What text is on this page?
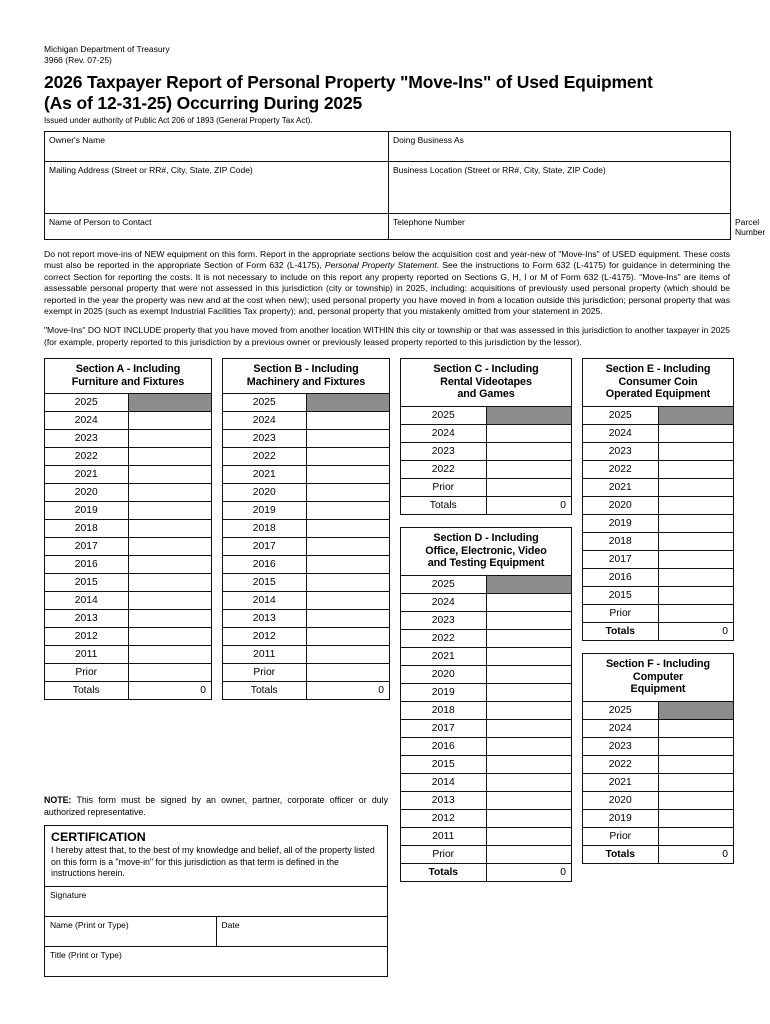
Michigan Department of Treasury
3966 (Rev. 07-25)
2026 Taxpayer Report of Personal Property "Move-Ins" of Used Equipment
(As of 12-31-25) Occurring During 2025
Issued under authority of Public Act 206 of 1893 (General Property Tax Act).
Owner's Name	Doing Business As	
Mailing Address (Street or RR#, City, State, ZIP Code)	Business Location (Street or RR#, City, State, ZIP Code)	
Name of Person to Contact	Telephone Number	Parcel Number
Do not report move-ins of NEW equipment on this form. Report in the appropriate sections below the acquisition cost and year-new of "Move-Ins" of USED equipment. These costs must also be reported in the appropriate Section of Form 632 (L-4175), Personal Property Statement. See the instructions to Form 632 (L-4175) for guidance in determining the correct Section for reporting the costs. It is not necessary to include on this report any property reported on Sections G, H, I or M of Form 632 (L-4175). "Move-Ins" are items of assessable personal property that were not assessed in this jurisdiction (city or township) in 2025, including: acquisitions of previously used personal property (which should be reported in the year the property was new and at the cost when new); used personal property you have moved in from a location outside this jurisdiction; personal property that was exempt in 2025 (such as exempt Industrial Facilities Tax property); and, personal property that you mistakenly omitted from your statement in 2025.
"Move-Ins" DO NOT INCLUDE property that you have moved from another location WITHIN this city or township or that was assessed in this jurisdiction to another taxpayer in 2025 (for example, property reported to this jurisdiction by a previous owner or previously leased property reported to this jurisdiction by the lessor).
Section A - Including
Furniture and Fixtures	

2025	
2024	
2023	
2022	
2021	
2020	
2019	
2018	
2017	
2016	
2015	
2014	
2013	
2012	
2011	
Prior	
Totals	0
Section B - Including
Machinery and Fixtures	

2025	
2024	
2023	
2022	
2021	
2020	
2019	
2018	
2017	
2016	
2015	
2014	
2013	
2012	
2011	
Prior	
Totals	0
Section C - Including
Rental Videotapes
and Games	

2025	
2024	
2023	
2022	
Prior	
Totals	0
Section D - Including
Office, Electronic, Video
and Testing Equipment	

2025	
2024	
2023	
2022	
2021	
2020	
2019	
2018	
2017	
2016	
2015	
2014	
2013	
2012	
2011	
Prior	
Totals	0
Section E - Including
Consumer Coin
Operated Equipment	

2025	
2024	
2023	
2022	
2021	
2020	
2019	
2018	
2017	
2016	
2015	
Prior	
Totals	0
Section F - Including
Computer
Equipment	

2025	
2024	
2023	
2022	
2021	
2020	
2019	
Prior	
Totals	0
NOTE: This form must be signed by an owner, partner, corporate officer or duly authorized representative.
CERTIFICATION
I hereby attest that, to the best of my knowledge and belief, all of the property listed on this form is a "move-in" for this jurisdiction as that term is defined in the instructions herein.
Signature
Name (Print or Type)	Date
Title (Print or Type)
